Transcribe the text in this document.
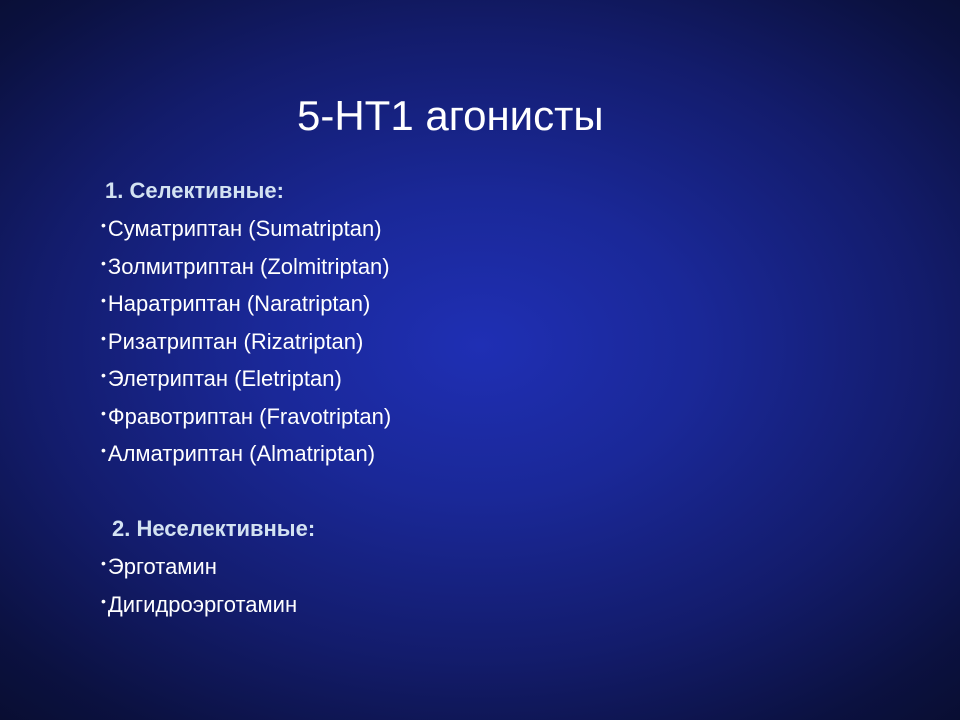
5-HT1 агонисты
1. Селективные:
• Суматриптан (Sumatriptan)
• Золмитриптан (Zolmitriptan)
• Наратриптан (Naratriptan)
• Ризатриптан (Rizatriptan)
• Элетриптан (Eletriptan)
• Фравотриптан (Fravotriptan)
• Алматриптан (Almatriptan)
2. Неселективные:
• Эрготамин
• Дигидроэрготамин
